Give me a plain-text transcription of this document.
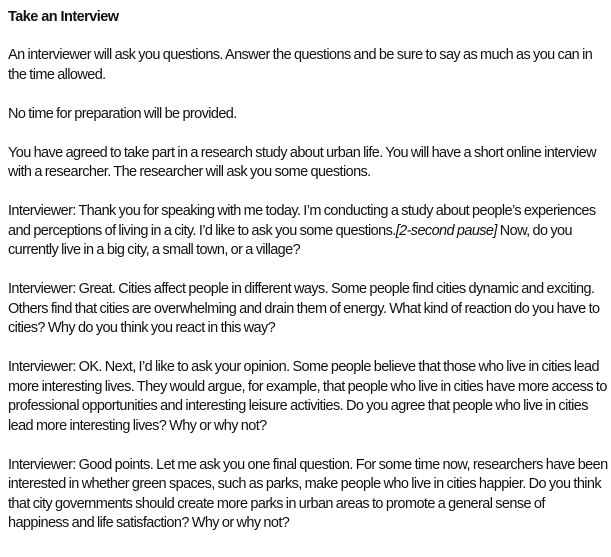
Take an Interview
An interviewer will ask you questions. Answer the questions and be sure to say as much as you can in the time allowed.
No time for preparation will be provided.
You have agreed to take part in a research study about urban life. You will have a short online interview with a researcher. The researcher will ask you some questions.
Interviewer: Thank you for speaking with me today. I’m conducting a study about people’s experiences and perceptions of living in a city. I’d like to ask you some questions.[2-second pause] Now, do you currently live in a big city, a small town, or a village?
Interviewer: Great. Cities affect people in different ways. Some people find cities dynamic and exciting. Others find that cities are overwhelming and drain them of energy. What kind of reaction do you have to cities? Why do you think you react in this way?
Interviewer: OK. Next, I’d like to ask your opinion. Some people believe that those who live in cities lead more interesting lives. They would argue, for example, that people who live in cities have more access to professional opportunities and interesting leisure activities. Do you agree that people who live in cities lead more interesting lives? Why or why not?
Interviewer: Good points. Let me ask you one final question. For some time now, researchers have been interested in whether green spaces, such as parks, make people who live in cities happier. Do you think that city governments should create more parks in urban areas to promote a general sense of happiness and life satisfaction? Why or why not?
